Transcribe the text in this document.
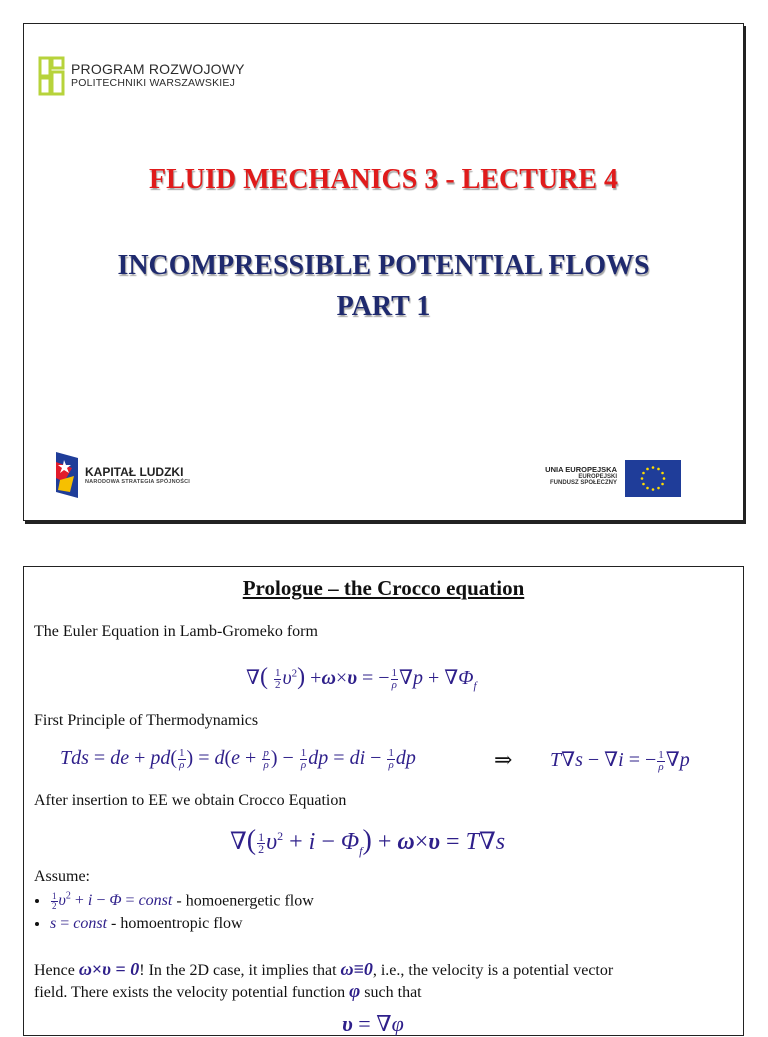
PROGRAM ROZWOJOWY
POLITECHNIKI WARSZAWSKIEJ
FLUID MECHANICS 3 - LECTURE 4
INCOMPRESSIBLE POTENTIAL FLOWS
PART 1
KAPITAŁ LUDZKI
NARODOWA STRATEGIA SPÓJNOŚCI
UNIA EUROPEJSKA
EUROPEJSKI
FUNDUSZ SPOŁECZNY
Prologue – the Crocco equation
The Euler Equation in Lamb-Gromeko form
∇( $\frac{1}{2} \upsilon^2) +\omega\times\upsilon$ = − $\frac{1}{\rho} \nabla p + \nabla\Phi_f$
First Principle of Thermodynamics
Tds = de + $pd( \frac{1}{\rho}$ ) = $d(e + \frac{p}{\rho}$ ) − $\frac{1}{\rho}$ dp = di − $\frac{1}{\rho}$ dp	⇒ T∇s − ∇i = − $\frac{1}{\rho} \nabla p$
After insertion to EE we obtain Crocco Equation
∇( $\frac{1}{2} \upsilon^2 + i - \Phi_f) + \omega\times\upsilon = T\nabla s$
Assume:
• $\frac{1}{2} \upsilon^2 + i - \Phi$ = const - homoenergetic flow
• s = const - homoentropic flow
Hence ω×υ = 0! In the 2D case, it implies that ω≡0, i.e., the velocity is a potential vector
field. There exists the velocity potential function φ such that
υ = ∇φ
